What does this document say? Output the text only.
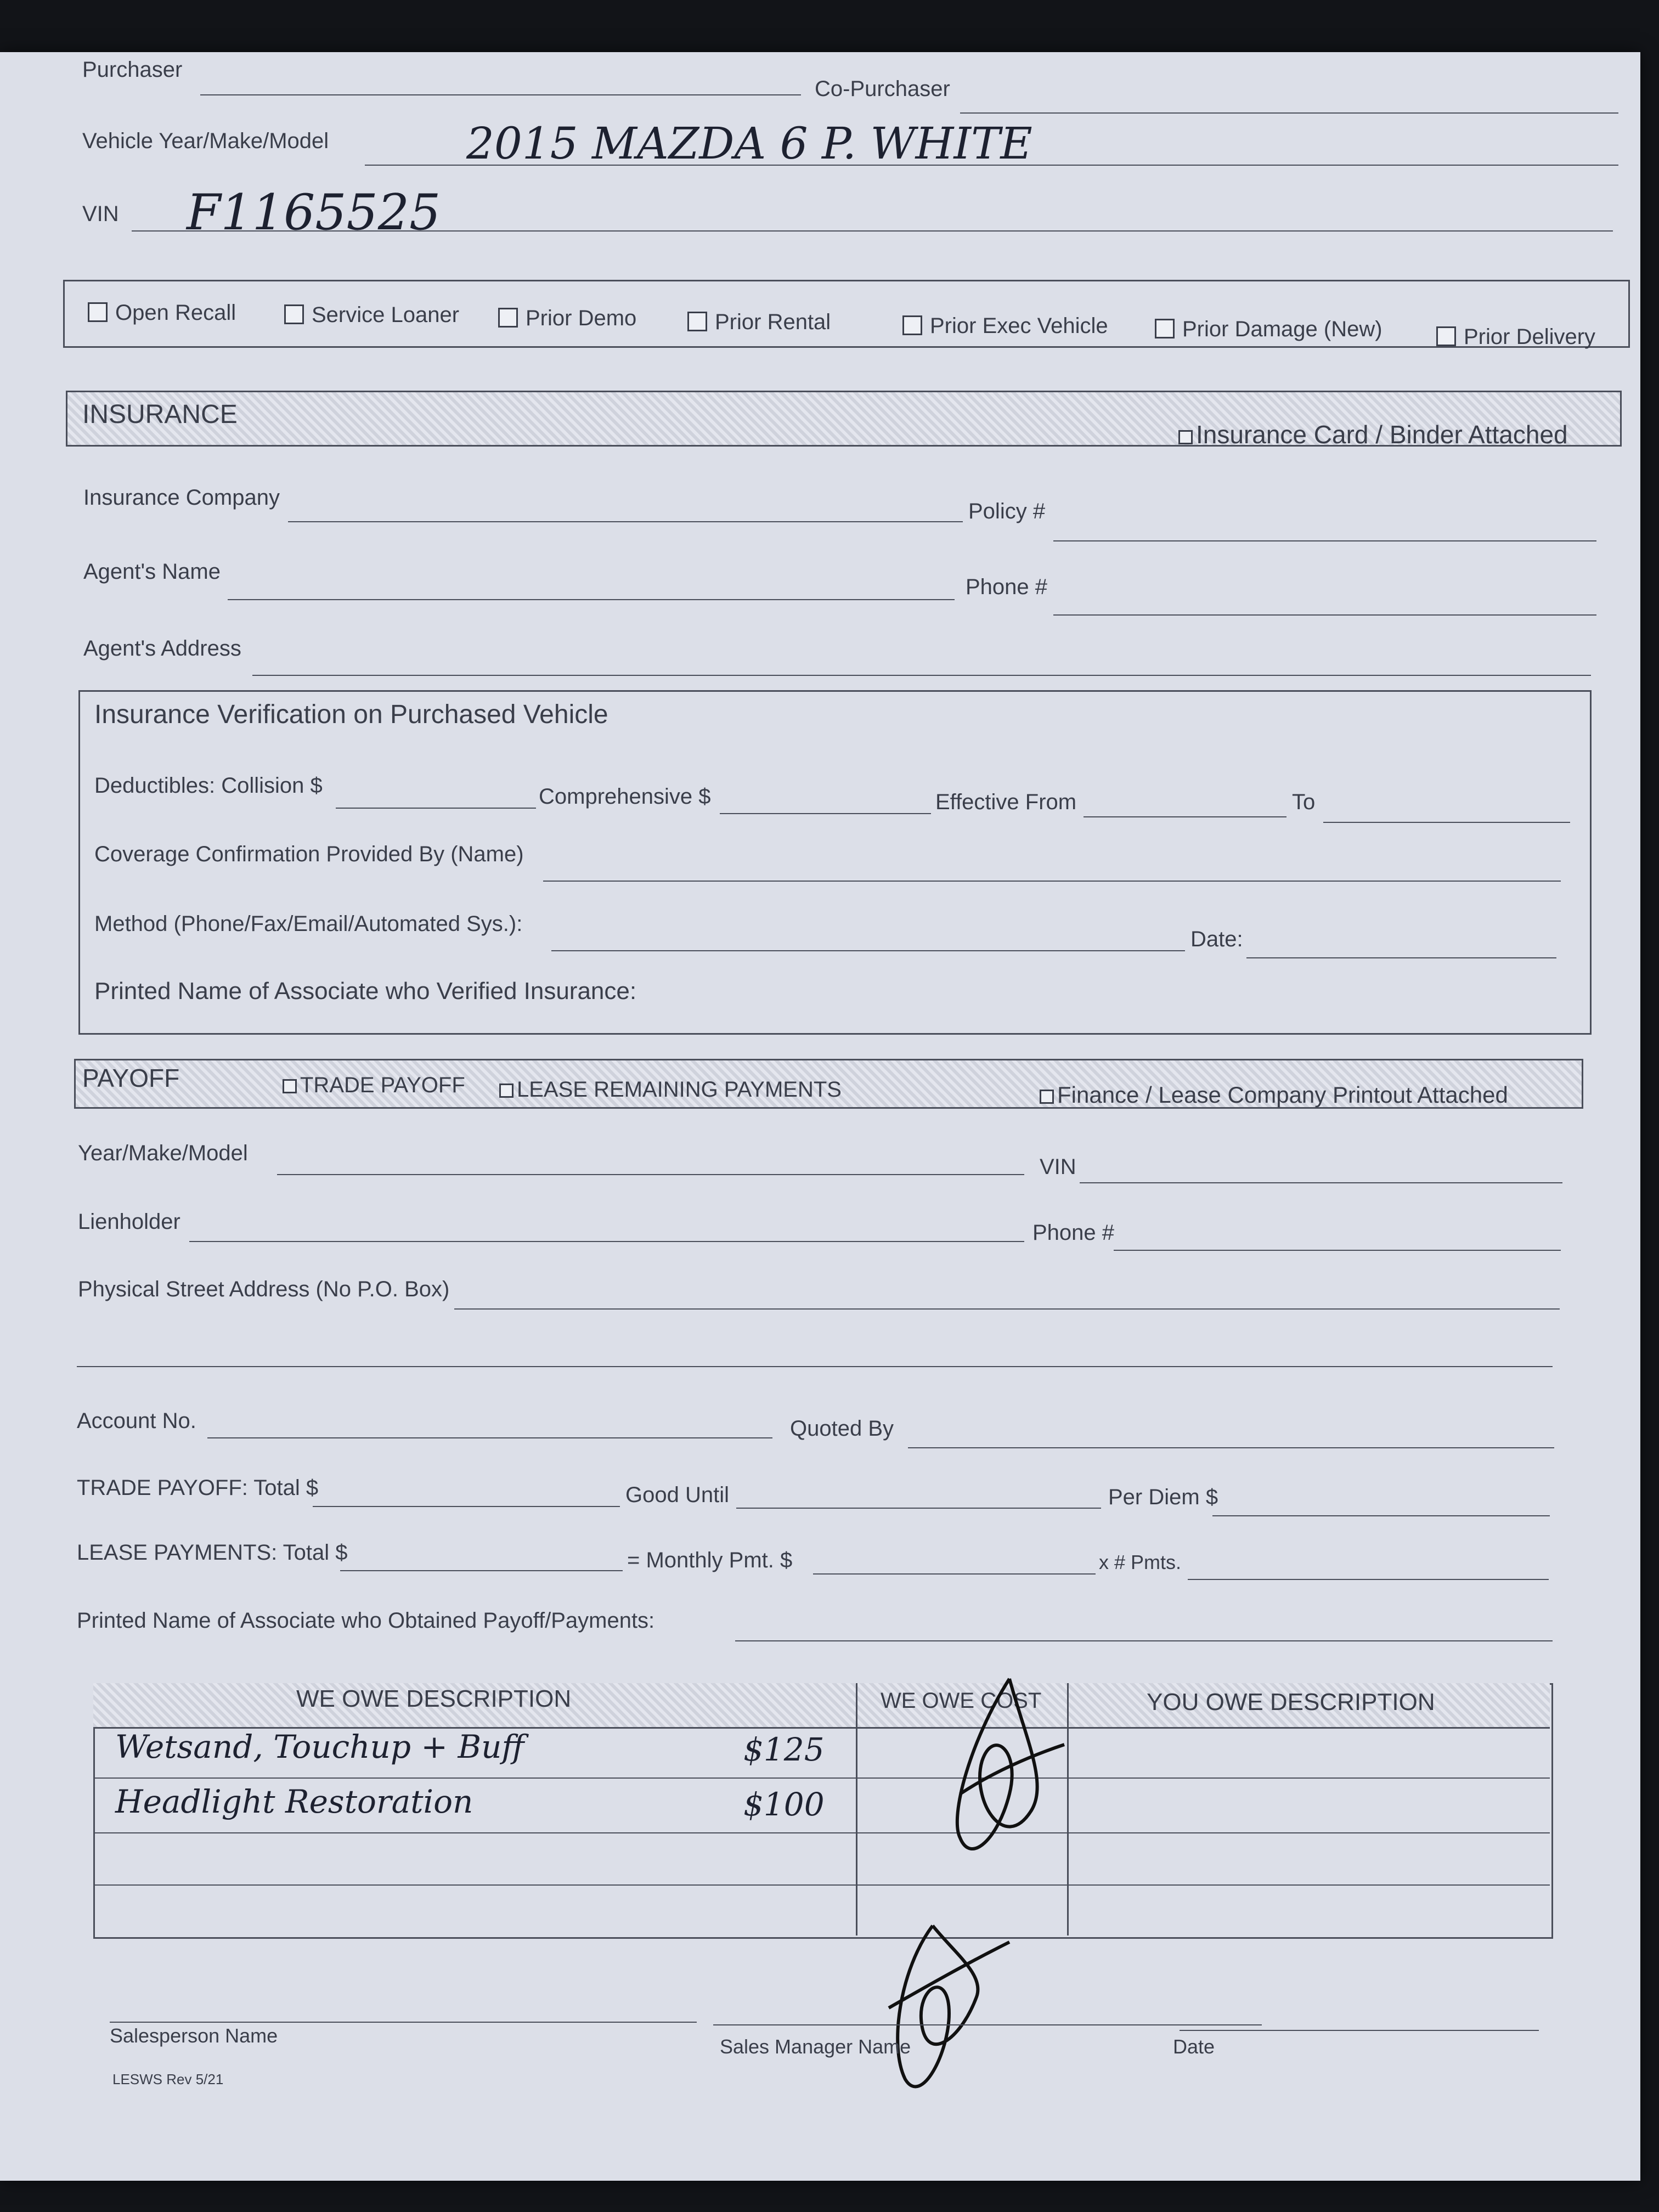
Purchaser
Co-Purchaser
Vehicle Year/Make/Model	2015 MAZDA 6 P. WHITE
VIN F1165525
Open Recall	Service Loaner	Prior Demo	Prior Rental	Prior Exec Vehicle	Prior Damage (New)	Prior Delivery
INSURANCE
Insurance Card / Binder Attached
Insurance Company
Policy #
Agent's Name
Phone #
Agent's Address
Insurance Verification on Purchased Vehicle
Deductibles: Collision $	Comprehensive $	Effective From	To
Coverage Confirmation Provided By (Name)
Method (Phone/Fax/Email/Automated Sys.):
Date:
Printed Name of Associate who Verified Insurance:
PAYOFF	TRADE PAYOFF	LEASE REMAINING PAYMENTS	Finance / Lease Company Printout Attached
Year/Make/Model
VIN
Lienholder	Phone #
Physical Street Address (No P.O. Box)
Account No.	Quoted By
TRADE PAYOFF: Total $	Good Until	Per Diem $
LEASE PAYMENTS: Total $	= Monthly Pmt. $	x # Pmts.
Printed Name of Associate who Obtained Payoff/Payments:
WE OWE DESCRIPTION	WE OWE COST	YOU OWE DESCRIPTION
Wetsand, Touchup + Buff	$125
Headlight Restoration	$100
Salesperson Name	Sales Manager Name	Date
LESWS Rev 5/21
